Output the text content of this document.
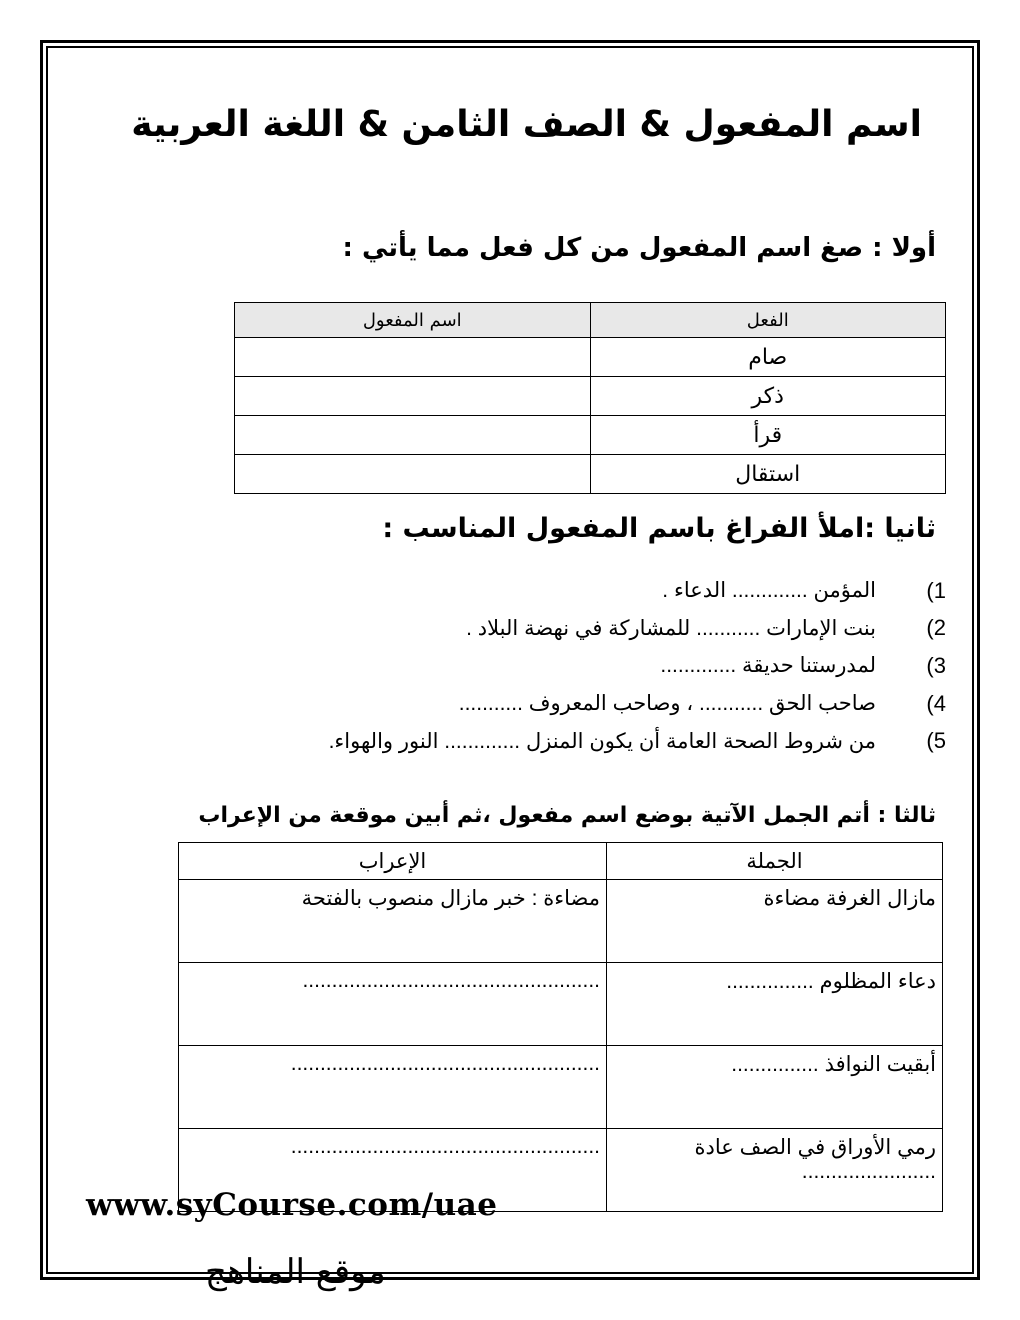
اسم المفعول & الصف الثامن & اللغة العربية
أولا : صغ اسم المفعول من كل فعل مما يأتي :
الفعل	اسم المفعول
صام	
ذكر	
قرأ	
استقال	
ثانيا :املأ الفراغ باسم المفعول المناسب :
1)
المؤمن ............. الدعاء .
2)
بنت الإمارات ........... للمشاركة في نهضة البلاد .
3)
لمدرستنا حديقة .............
4)
صاحب الحق ........... ، وصاحب المعروف ...........
5)
من شروط الصحة العامة أن يكون المنزل ............. النور والهواء.
ثالثا : أتم الجمل الآتية بوضع اسم مفعول ،ثم أبين موقعة من الإعراب
الجملة	الإعراب
مازال الغرفة مضاءة	مضاءة : خبر مازال منصوب بالفتحة
دعاء المظلوم ...............	...................................................
أبقيت النوافذ ...............	.....................................................
رمي الأوراق في الصف عادة .......................	.....................................................
www.syCourse.com/uae
موقع المناهج
